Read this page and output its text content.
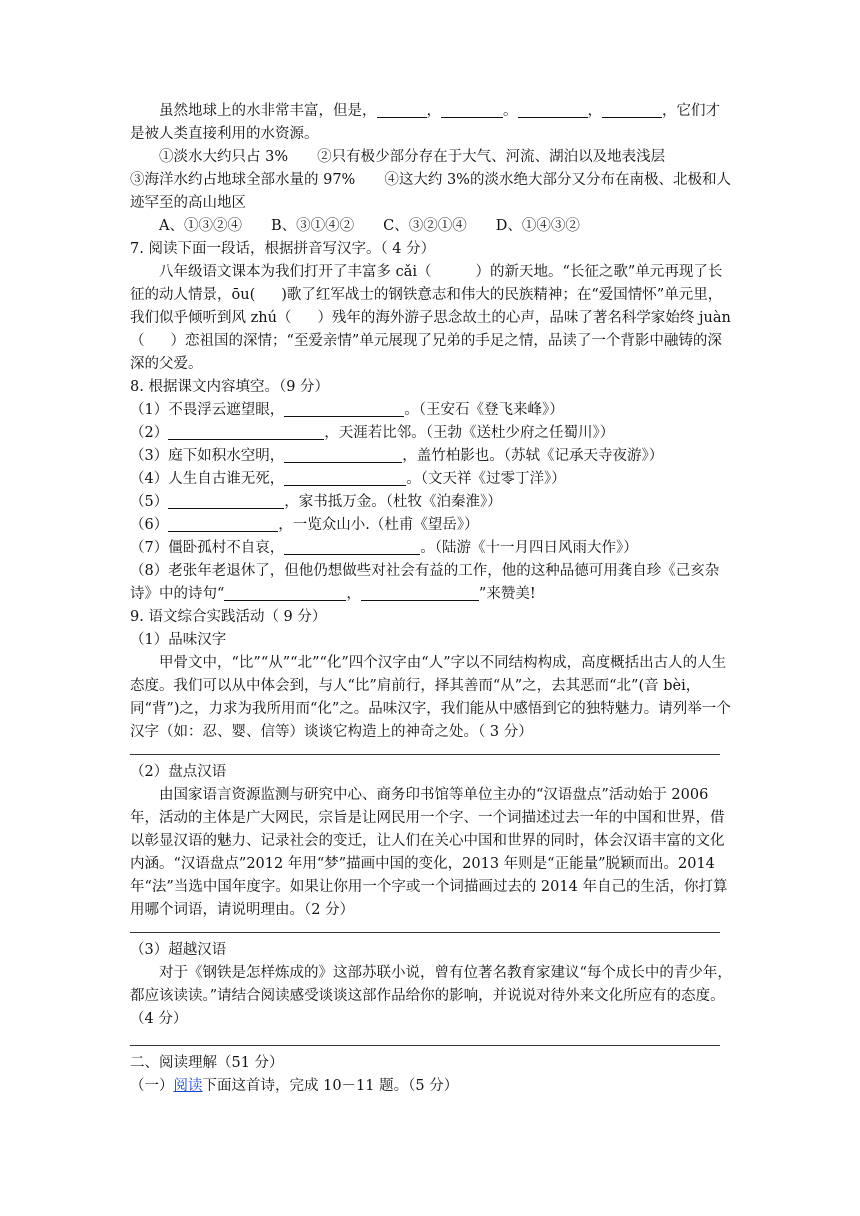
虽然地球上的水非常丰富，但是，	，	。	，	，它们才是被人类直接利用的水资源。

①淡水大约只占 3%　　②只有极少部分存在于大气、河流、湖泊以及地表浅层

③海洋水约占地球全部水量的 97%　　④这大约 3%的淡水绝大部分又分布在南极、北极和人迹罕至的高山地区

A、①③②④　　B、③①④②　　C、③②①④　　D、①④③②

7. 阅读下面一段话，根据拼音写汉字。（ 4 分）

八年级语文课本为我们打开了丰富多 cǎi（	）的新天地。“长征之歌”单元再现了长征的动人情景，ōu( )歌了红军战士的钢铁意志和伟大的民族精神；在“爱国情怀”单元里，我们似乎倾听到风 zhú（ ）残年的海外游子思念故土的心声，品味了著名科学家始终 juàn（ ）恋祖国的深情；“至爱亲情”单元展现了兄弟的手足之情，品读了一个背影中融铸的深深的父爱。

8. 根据课文内容填空。（9 分）

（1）不畏浮云遮望眼，	。（王安石《登飞来峰》）

（2）	，天涯若比邻。（王勃《送杜少府之任蜀川》）

（3）庭下如积水空明，	，盖竹柏影也。（苏轼《记承天寺夜游》）

（4）人生自古谁无死，	。（文天祥《过零丁洋》）

（5）	，家书抵万金。（杜牧《泊秦淮》）

（6）	，一览众山小.（杜甫《望岳》）

（7）僵卧孤村不自哀，	。（陆游《十一月四日风雨大作》）

（8）老张年老退休了，但他仍想做些对社会有益的工作，他的这种品德可用龚自珍《己亥杂诗》中的诗句“	，	”来赞美!

9. 语文综合实践活动（ 9 分）

（1）品味汉字

甲骨文中，“比”“从”“北”“化”四个汉字由“人”字以不同结构构成，高度概括出古人的人生态度。我们可以从中体会到，与人“比”肩前行，择其善而“从”之，去其恶而“北”(音 bèi，同“背”)之，力求为我所用而“化”之。品味汉字，我们能从中感悟到它的独特魅力。请列举一个汉字（如：忍、婴、信等）谈谈它构造上的神奇之处。（ 3 分）

（2）盘点汉语

由国家语言资源监测与研究中心、商务印书馆等单位主办的“汉语盘点”活动始于 2006 年，活动的主体是广大网民，宗旨是让网民用一个字、一个词描述过去一年的中国和世界，借以彰显汉语的魅力、记录社会的变迁，让人们在关心中国和世界的同时，体会汉语丰富的文化内涵。“汉语盘点”2012 年用“梦”描画中国的变化，2013 年则是“正能量”脱颖而出。2014 年“法”当选中国年度字。如果让你用一个字或一个词描画过去的 2014 年自己的生活，你打算用哪个词语，请说明理由。（2 分）

（3）超越汉语

对于《钢铁是怎样炼成的》这部苏联小说，曾有位著名教育家建议“每个成长中的青少年，都应该读读。”请结合阅读感受谈谈这部作品给你的影响，并说说对待外来文化所应有的态度。（4 分）

二、阅读理解（51 分）

（一）阅读下面这首诗，完成 10－11 题。（5 分）
